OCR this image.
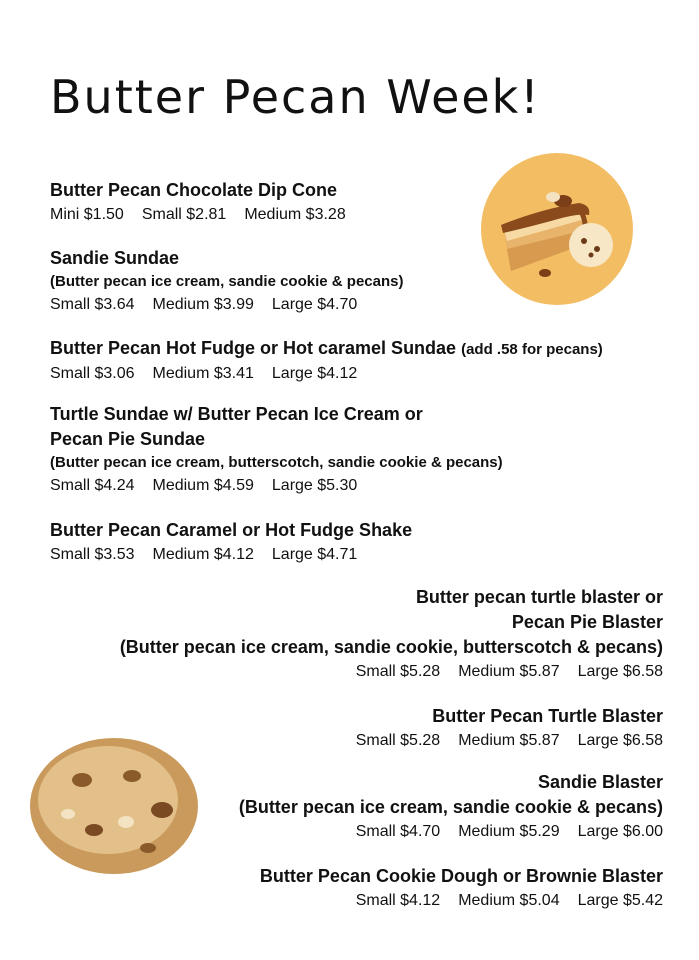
Butter Pecan Week!
Butter Pecan Chocolate Dip Cone
Mini $1.50 Small $2.81 Medium $3.28
Sandie Sundae
(Butter pecan ice cream, sandie cookie & pecans)
Small $3.64 Medium $3.99 Large $4.70
Butter Pecan Hot Fudge or Hot caramel Sundae (add .58 for pecans)
Small $3.06 Medium $3.41 Large $4.12
Turtle Sundae w/ Butter Pecan Ice Cream or
Pecan Pie Sundae
(Butter pecan ice cream, butterscotch, sandie cookie & pecans)
Small $4.24 Medium $4.59 Large $5.30
Butter Pecan Caramel or Hot Fudge Shake
Small $3.53 Medium $4.12 Large $4.71
Butter pecan turtle blaster or
Pecan Pie Blaster
(Butter pecan ice cream, sandie cookie, butterscotch & pecans)
Small $5.28 Medium $5.87 Large $6.58
Butter Pecan Turtle Blaster
Small $5.28 Medium $5.87 Large $6.58
Sandie Blaster
(Butter pecan ice cream, sandie cookie & pecans)
Small $4.70 Medium $5.29 Large $6.00
Butter Pecan Cookie Dough or Brownie Blaster
Small $4.12 Medium $5.04 Large $5.42
